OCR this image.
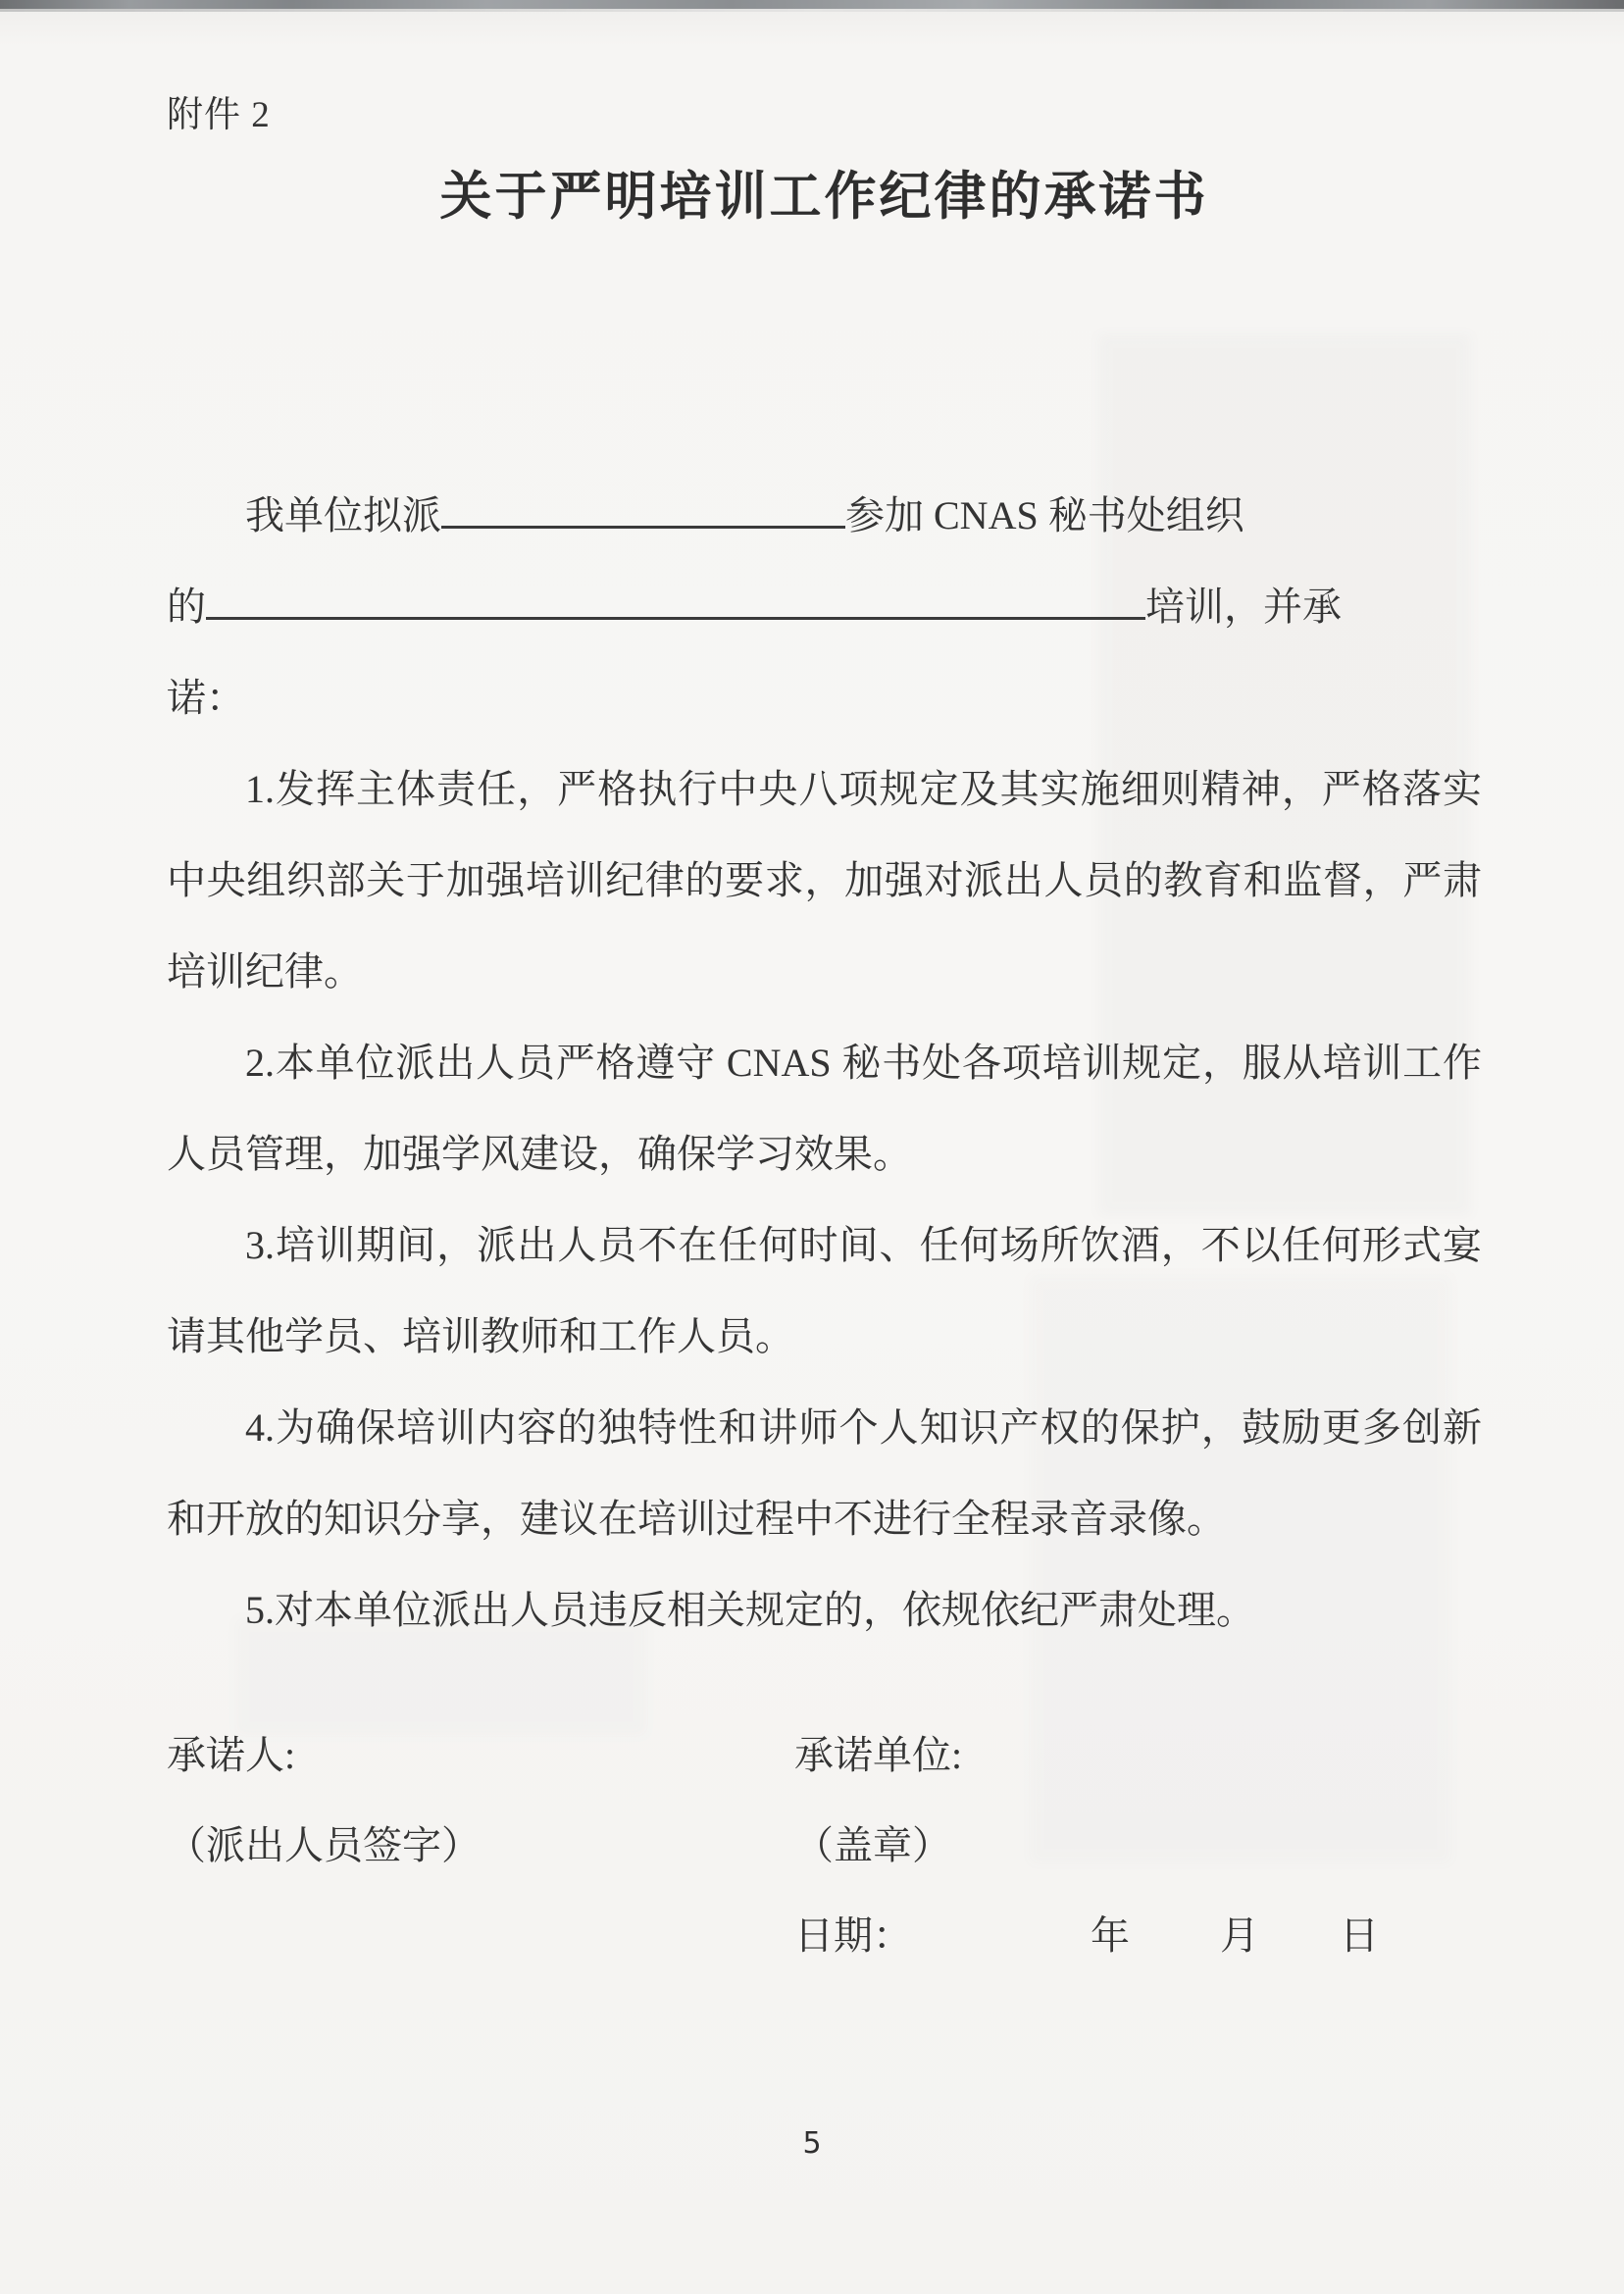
附件 2

关于严明培训工作纪律的承诺书

我单位拟派	参加 CNAS 秘书处组织
的	培训，并承
诺：

1.发挥主体责任，严格执行中央八项规定及其实施细则精神，严格落实中央组织部关于加强培训纪律的要求，加强对派出人员的教育和监督，严肃培训纪律。

2.本单位派出人员严格遵守 CNAS 秘书处各项培训规定，服从培训工作人员管理，加强学风建设，确保学习效果。

3.培训期间，派出人员不在任何时间、任何场所饮酒，不以任何形式宴请其他学员、培训教师和工作人员。

4.为确保培训内容的独特性和讲师个人知识产权的保护，鼓励更多创新和开放的知识分享，建议在培训过程中不进行全程录音录像。

5.对本单位派出人员违反相关规定的，依规依纪严肃处理。

承诺人:	承诺单位:
（派出人员签字）	（盖章）
日期：	年 月 日
5
